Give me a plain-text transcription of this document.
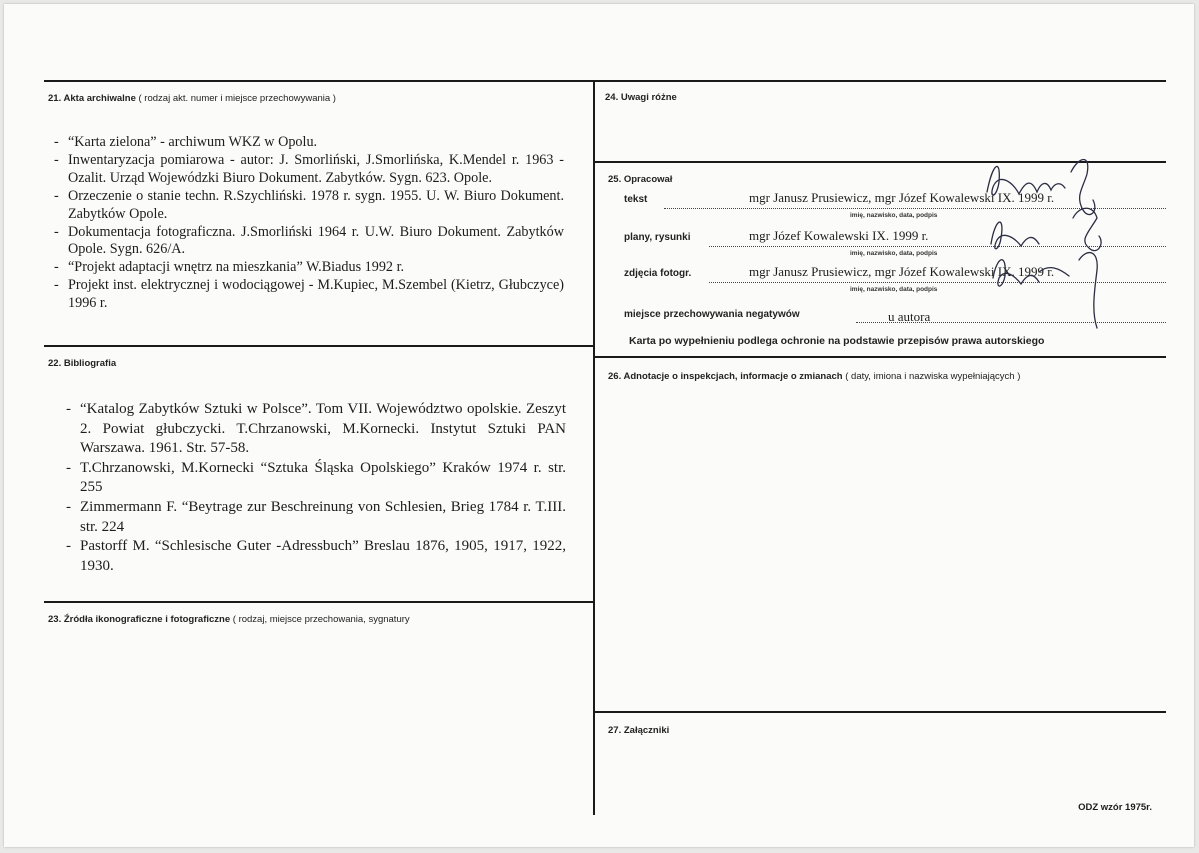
21. Akta archiwalne ( rodzaj akt. numer i miejsce przechowywania )
- “Karta zielona” - archiwum WKZ w Opolu.
- Inwentaryzacja pomiarowa - autor: J. Smorliński, J.Smorlińska, K.Mendel r. 1963 - Ozalit. Urząd Wojewódzki Biuro Dokument. Zabytków. Sygn. 623. Opole.
- Orzeczenie o stanie techn. R.Szychliński. 1978 r. sygn. 1955. U. W. Biuro Dokument. Zabytków Opole.
- Dokumentacja fotograficzna. J.Smorliński 1964 r. U.W. Biuro Dokument. Zabytków Opole. Sygn. 626/A.
- “Projekt adaptacji wnętrz na mieszkania” W.Biadus 1992 r.
- Projekt inst. elektrycznej i wodociągowej - M.Kupiec, M.Szembel (Kietrz, Głubczyce) 1996 r.
22. Bibliografia
- “Katalog Zabytków Sztuki w Polsce”. Tom VII. Województwo opolskie. Zeszyt 2. Powiat głubczycki. T.Chrzanowski, M.Kornecki. Instytut Sztuki PAN Warszawa. 1961. Str. 57-58.
- T.Chrzanowski, M.Kornecki “Sztuka Śląska Opolskiego” Kraków 1974 r. str. 255
- Zimmermann F. “Beytrage zur Beschreinung von Schlesien, Brieg 1784 r. T.III. str. 224
- Pastorff M. “Schlesische Guter -Adressbuch” Breslau 1876, 1905, 1917, 1922, 1930.
23. Źródła ikonograficzne i fotograficzne ( rodzaj, miejsce przechowania, sygnatury
24. Uwagi różne
25. Opracował
tekst	mgr Janusz Prusiewicz, mgr Józef Kowalewski IX. 1999 r.
imię, nazwisko, data, podpis
plany, rysunki	mgr Józef Kowalewski IX. 1999 r.
imię, nazwisko, data, podpis
zdjęcia fotogr.	mgr Janusz Prusiewicz, mgr Józef Kowalewski IX. 1999 r.
imię, nazwisko, data, podpis
miejsce przechowywania negatywów	u autora
Karta po wypełnieniu podlega ochronie na podstawie przepisów prawa autorskiego
26. Adnotacje o inspekcjach, informacje o zmianach ( daty, imiona i nazwiska wypełniających )
27. Załączniki
ODZ wzór 1975r.
